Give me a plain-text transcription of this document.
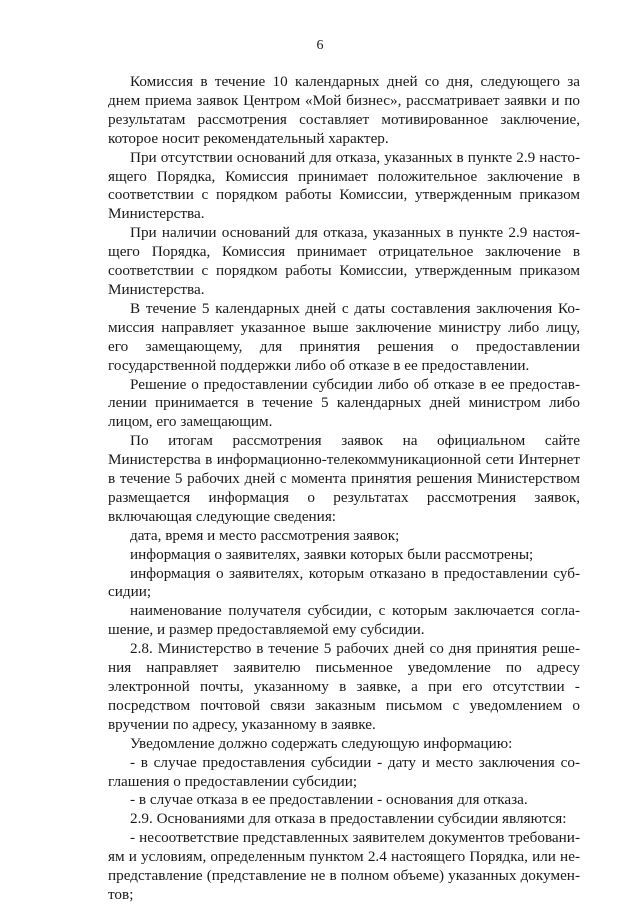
6

Комиссия в течение 10 календарных дней со дня, следующего за днем приема заявок Центром «Мой бизнес», рассматривает заявки и по результатам рассмотрения составляет мотивированное заключение, которое носит рекомендательный характер.

При отсутствии оснований для отказа, указанных в пункте 2.9 настоящего Порядка, Комиссия принимает положительное заключение в соответствии с порядком работы Комиссии, утвержденным приказом Министерства.

При наличии оснований для отказа, указанных в пункте 2.9 настоящего Порядка, Комиссия принимает отрицательное заключение в соответствии с порядком работы Комиссии, утвержденным приказом Министерства.

В течение 5 календарных дней с даты составления заключения Комиссия направляет указанное выше заключение министру либо лицу, его замещающему, для принятия решения о предоставлении государственной поддержки либо об отказе в ее предоставлении.

Решение о предоставлении субсидии либо об отказе в ее предоставлении принимается в течение 5 календарных дней министром либо лицом, его замещающим.

По итогам рассмотрения заявок на официальном сайте Министерства в информационно-телекоммуникационной сети Интернет в течение 5 рабочих дней с момента принятия решения Министерством размещается информация о результатах рассмотрения заявок, включающая следующие сведения:

дата, время и место рассмотрения заявок;

информация о заявителях, заявки которых были рассмотрены;

информация о заявителях, которым отказано в предоставлении субсидии;

наименование получателя субсидии, с которым заключается соглашение, и размер предоставляемой ему субсидии.

2.8. Министерство в течение 5 рабочих дней со дня принятия решения направляет заявителю письменное уведомление по адресу электронной почты, указанному в заявке, а при его отсутствии - посредством почтовой связи заказным письмом с уведомлением о вручении по адресу, указанному в заявке.

Уведомление должно содержать следующую информацию:

- в случае предоставления субсидии - дату и место заключения соглашения о предоставлении субсидии;

- в случае отказа в ее предоставлении - основания для отказа.

2.9. Основаниями для отказа в предоставлении субсидии являются:

- несоответствие представленных заявителем документов требованиям и условиям, определенным пунктом 2.4 настоящего Порядка, или непредставление (представление не в полном объеме) указанных документов;
